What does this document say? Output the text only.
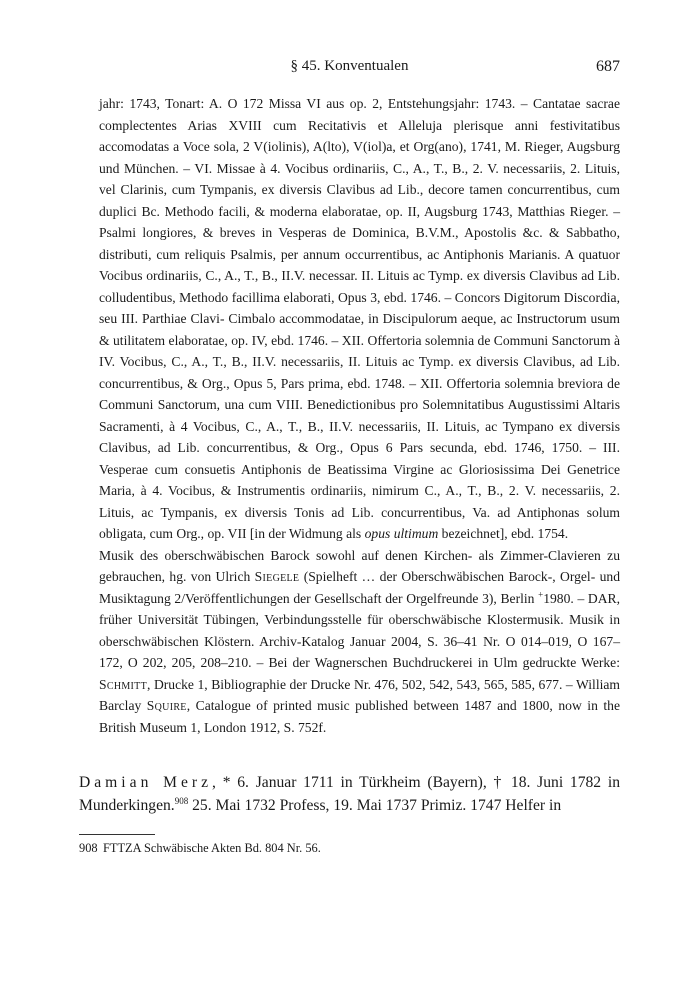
§ 45. Konventualen	687

jahr: 1743, Tonart: A. O 172 Missa VI aus op. 2, Entstehungsjahr: 1743. – Cantatae sacrae complectentes Arias XVIII cum Recitativis et Alleluja plerisque anni festivitatibus accomodatas a Voce sola, 2 V(iolinis), A(lto), V(iol)a, et Org(ano), 1741, M. Rieger, Augsburg und München. – VI. Missae à 4. Vocibus ordinariis, C., A., T., B., 2. V. necessariis, 2. Lituis, vel Clarinis, cum Tympanis, ex diversis Clavibus ad Lib., decore tamen concurrentibus, cum duplici Bc. Methodo facili, & moderna elaboratae, op. II, Augsburg 1743, Matthias Rieger. – Psalmi longiores, & breves in Vesperas de Dominica, B.V.M., Apostolis &c. & Sabbatho, distributi, cum reliquis Psalmis, per annum occurrentibus, ac Antiphonis Marianis. A quatuor Vocibus ordinariis, C., A., T., B., II.V. necessar. II. Lituis ac Tymp. ex diversis Clavibus ad Lib. colludentibus, Methodo facillima elaborati, Opus 3, ebd. 1746. – Concors Digitorum Discordia, seu III. Parthiae Clavi- Cimbalo accommodatae, in Discipulorum aeque, ac Instructorum usum & utilitatem elaboratae, op. IV, ebd. 1746. – XII. Offertoria solemnia de Communi Sanctorum à IV. Vocibus, C., A., T., B., II.V. necessariis, II. Lituis ac Tymp. ex diversis Clavibus, ad Lib. concurrentibus, & Org., Opus 5, Pars prima, ebd. 1748. – XII. Offertoria solemnia breviora de Communi Sanctorum, una cum VIII. Benedictionibus pro Solemnitatibus Augustissimi Altaris Sacramenti, à 4 Vocibus, C., A., T., B., II.V. necessariis, II. Lituis, ac Tympano ex diversis Clavibus, ad Lib. concurrentibus, & Org., Opus 6 Pars secunda, ebd. 1746, 1750. – III. Vesperae cum consuetis Antiphonis de Beatissima Virgine ac Gloriosissima Dei Genetrice Maria, à 4. Vocibus, & Instrumentis ordinariis, nimirum C., A., T., B., 2. V. necessariis, 2. Lituis, ac Tympanis, ex diversis Tonis ad Lib. concurrentibus, Va. ad Antiphonas solum obligata, cum Org., op. VII [in der Widmung als opus ultimum bezeichnet], ebd. 1754.

Musik des oberschwäbischen Barock sowohl auf denen Kirchen- als Zimmer-Clavieren zu gebrauchen, hg. von Ulrich Siegele (Spielheft … der Oberschwäbischen Barock-, Orgel- und Musiktagung 2/Veröffentlichungen der Gesellschaft der Orgelfreunde 3), Berlin +1980. – DAR, früher Universität Tübingen, Verbindungsstelle für oberschwäbische Klostermusik. Musik in oberschwäbischen Klöstern. Archiv-Katalog Januar 2004, S. 36–41 Nr. O 014–019, O 167–172, O 202, 205, 208–210. – Bei der Wagnerschen Buchdruckerei in Ulm gedruckte Werke: Schmitt, Drucke 1, Bibliographie der Drucke Nr. 476, 502, 542, 543, 565, 585, 677. – William Barclay Squire, Catalogue of printed music published between 1487 and 1800, now in the British Museum 1, London 1912, S. 752f.

Damian Merz, * 6. Januar 1711 in Türkheim (Bayern), † 18. Juni 1782 in Munderkingen.$^{908}$ 25. Mai 1732 Profess, 19. Mai 1737 Primiz. 1747 Helfer in

908 FTTZA Schwäbische Akten Bd. 804 Nr. 56.
